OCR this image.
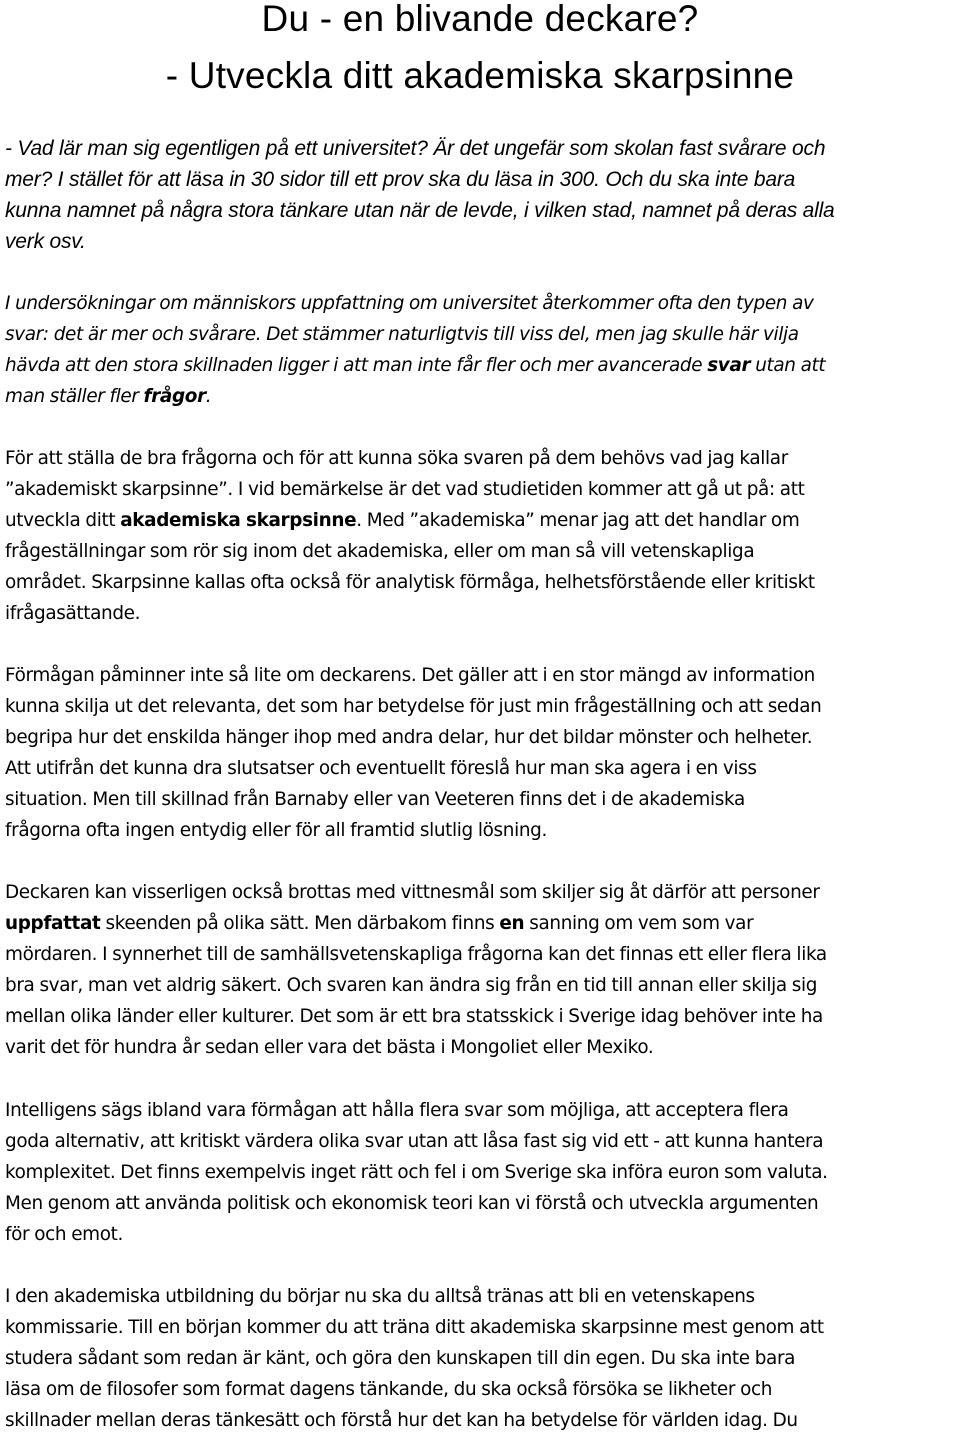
Du - en blivande deckare?
- Utveckla ditt akademiska skarpsinne
- Vad lär man sig egentligen på ett universitet? Är det ungefär som skolan fast svårare och
mer? I stället för att läsa in 30 sidor till ett prov ska du läsa in 300. Och du ska inte bara
kunna namnet på några stora tänkare utan när de levde, i vilken stad, namnet på deras alla
verk osv.
I undersökningar om människors uppfattning om universitet återkommer ofta den typen av
svar: det är mer och svårare. Det stämmer naturligtvis till viss del, men jag skulle här vilja
hävda att den stora skillnaden ligger i att man inte får fler och mer avancerade svar utan att
man ställer fler frågor.
För att ställa de bra frågorna och för att kunna söka svaren på dem behövs vad jag kallar
”akademiskt skarpsinne”. I vid bemärkelse är det vad studietiden kommer att gå ut på: att
utveckla ditt akademiska skarpsinne. Med ”akademiska” menar jag att det handlar om
frågeställningar som rör sig inom det akademiska, eller om man så vill vetenskapliga
området. Skarpsinne kallas ofta också för analytisk förmåga, helhetsförstående eller kritiskt
ifrågasättande.
Förmågan påminner inte så lite om deckarens. Det gäller att i en stor mängd av information
kunna skilja ut det relevanta, det som har betydelse för just min frågeställning och att sedan
begripa hur det enskilda hänger ihop med andra delar, hur det bildar mönster och helheter.
Att utifrån det kunna dra slutsatser och eventuellt föreslå hur man ska agera i en viss
situation. Men till skillnad från Barnaby eller van Veeteren finns det i de akademiska
frågorna ofta ingen entydig eller för all framtid slutlig lösning.
Deckaren kan visserligen också brottas med vittnesmål som skiljer sig åt därför att personer
uppfattat skeenden på olika sätt. Men därbakom finns en sanning om vem som var
mördaren. I synnerhet till de samhällsvetenskapliga frågorna kan det finnas ett eller flera lika
bra svar, man vet aldrig säkert. Och svaren kan ändra sig från en tid till annan eller skilja sig
mellan olika länder eller kulturer. Det som är ett bra statsskick i Sverige idag behöver inte ha
varit det för hundra år sedan eller vara det bästa i Mongoliet eller Mexiko.
Intelligens sägs ibland vara förmågan att hålla flera svar som möjliga, att acceptera flera
goda alternativ, att kritiskt värdera olika svar utan att låsa fast sig vid ett - att kunna hantera
komplexitet. Det finns exempelvis inget rätt och fel i om Sverige ska införa euron som valuta.
Men genom att använda politisk och ekonomisk teori kan vi förstå och utveckla argumenten
för och emot.
I den akademiska utbildning du börjar nu ska du alltså tränas att bli en vetenskapens
kommissarie. Till en början kommer du att träna ditt akademiska skarpsinne mest genom att
studera sådant som redan är känt, och göra den kunskapen till din egen. Du ska inte bara
läsa om de filosofer som format dagens tänkande, du ska också försöka se likheter och
skillnader mellan deras tänkesätt och förstå hur det kan ha betydelse för världen idag. Du
